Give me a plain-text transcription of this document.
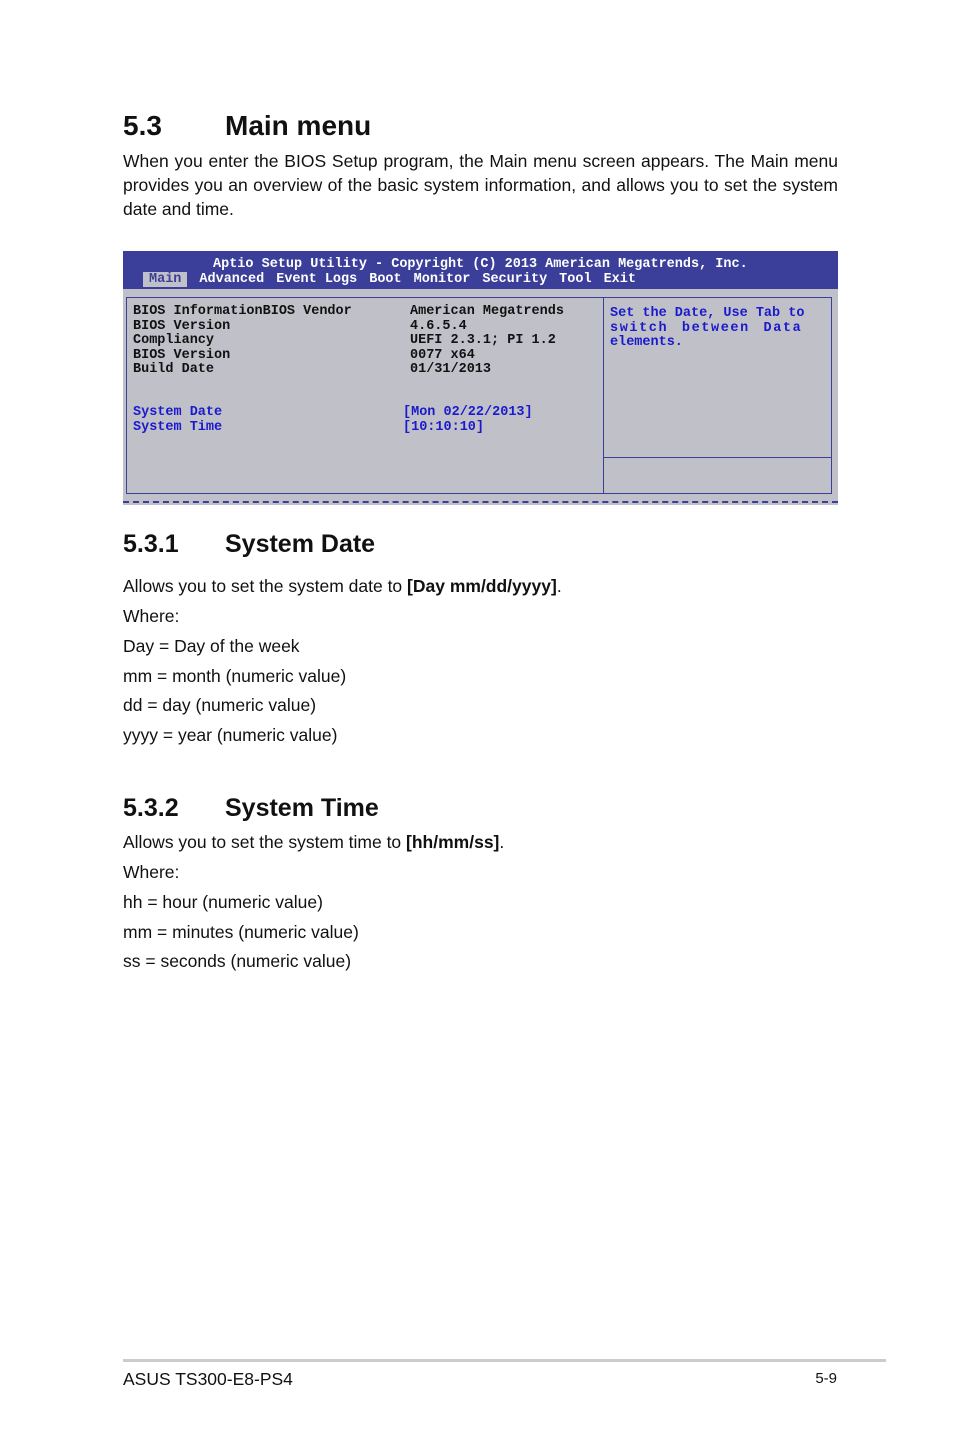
5.3 Main menu

When you enter the BIOS Setup program, the Main menu screen appears. The Main menu provides you an overview of the basic system information, and allows you to set the system date and time.

Aptio Setup Utility - Copyright (C) 2013 American Megatrends, Inc.
Main Advanced Event Logs Boot Monitor Security Tool Exit
BIOS InformationBIOS Vendor	American Megatrends
BIOS Version	4.6.5.4
Compliancy	UEFI 2.3.1; PI 1.2
BIOS Version	0077 x64
Build Date	01/31/2013
System Date	[Mon 02/22/2013]
System Time	[10:10:10]
Set the Date, Use Tab to
switch between Data
elements.
5.3.1 System Date

Allows you to set the system date to [Day mm/dd/yyyy].

Where:

Day = Day of the week

mm = month (numeric value)

dd = day (numeric value)

yyyy = year (numeric value)

5.3.2 System Time

Allows you to set the system time to [hh/mm/ss].

Where:

hh = hour (numeric value)

mm = minutes (numeric value)

ss = seconds (numeric value)

ASUS TS300-E8-PS4	5-9
